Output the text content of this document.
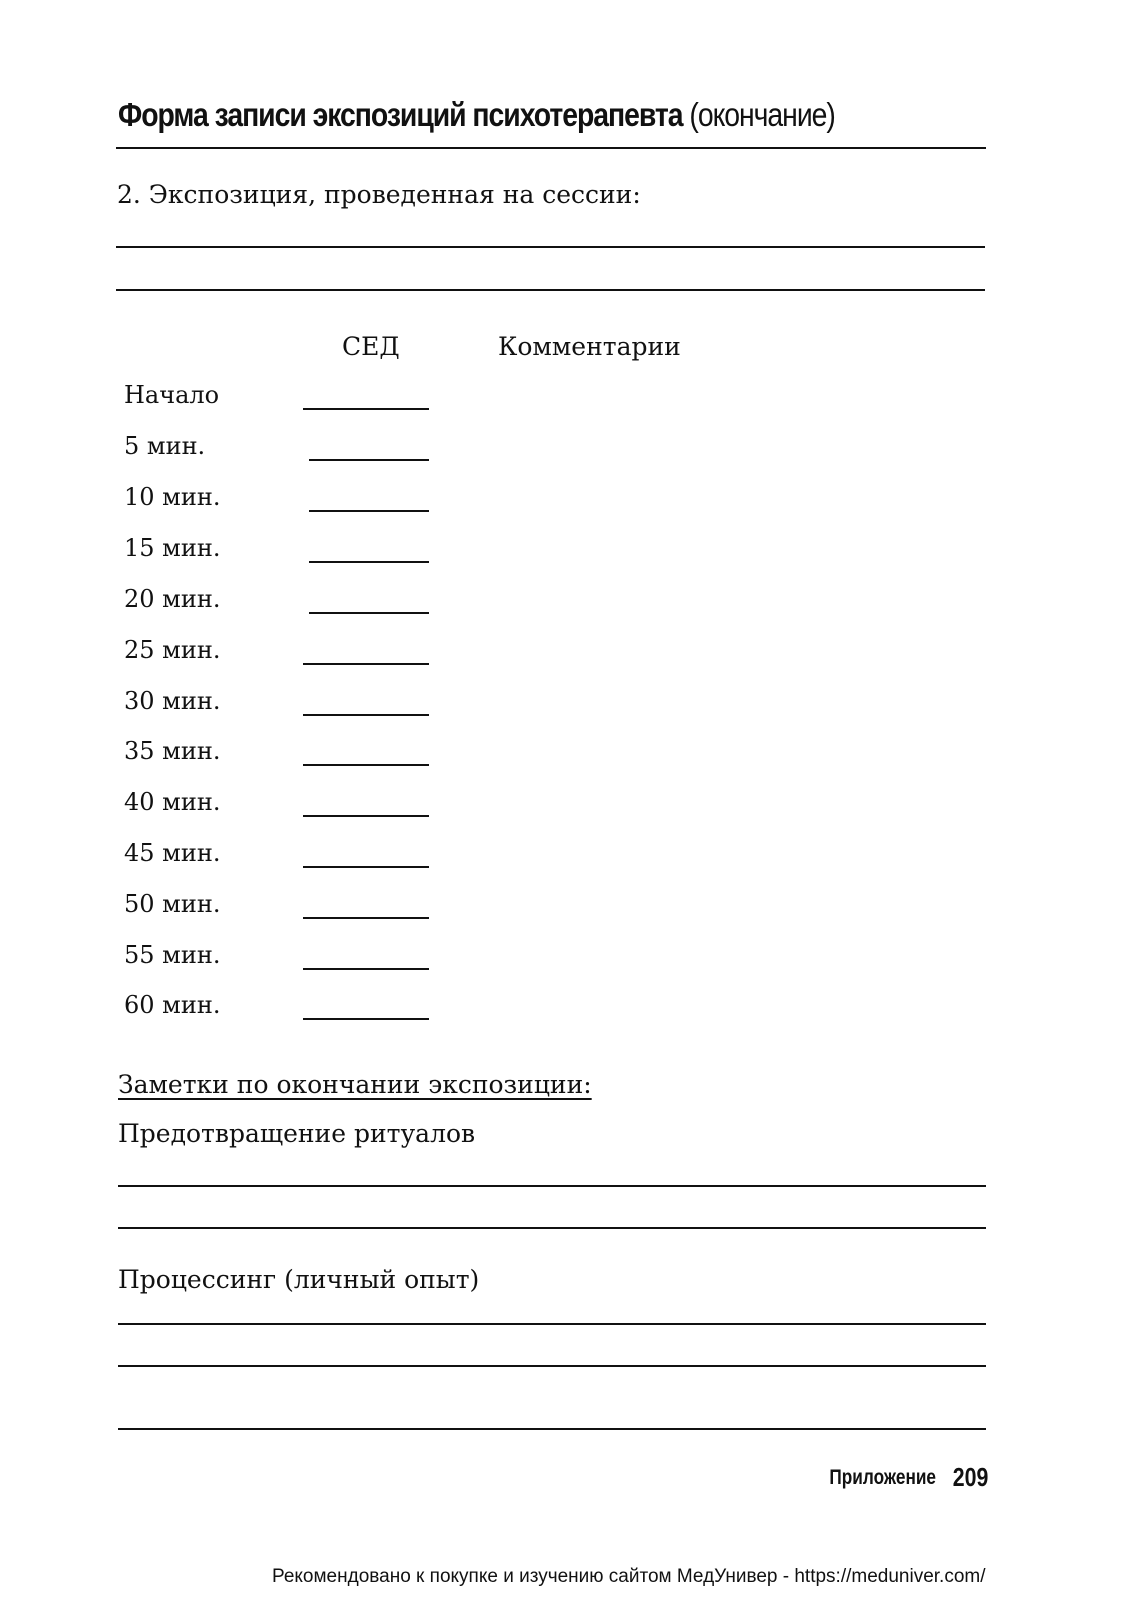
Форма записи экспозиций психотерапевта (окончание)
2. Экспозиция, проведенная на сессии:
СЕД	Комментарии
Начало
5 мин.
10 мин.
15 мин.
20 мин.
25 мин.
30 мин.
35 мин.
40 мин.
45 мин.
50 мин.
55 мин.
60 мин.
Заметки по окончании экспозиции:
Предотвращение ритуалов
Процессинг (личный опыт)
Приложение 209
Рекомендовано к покупке и изучению сайтом МедУнивер - https://meduniver.com/
